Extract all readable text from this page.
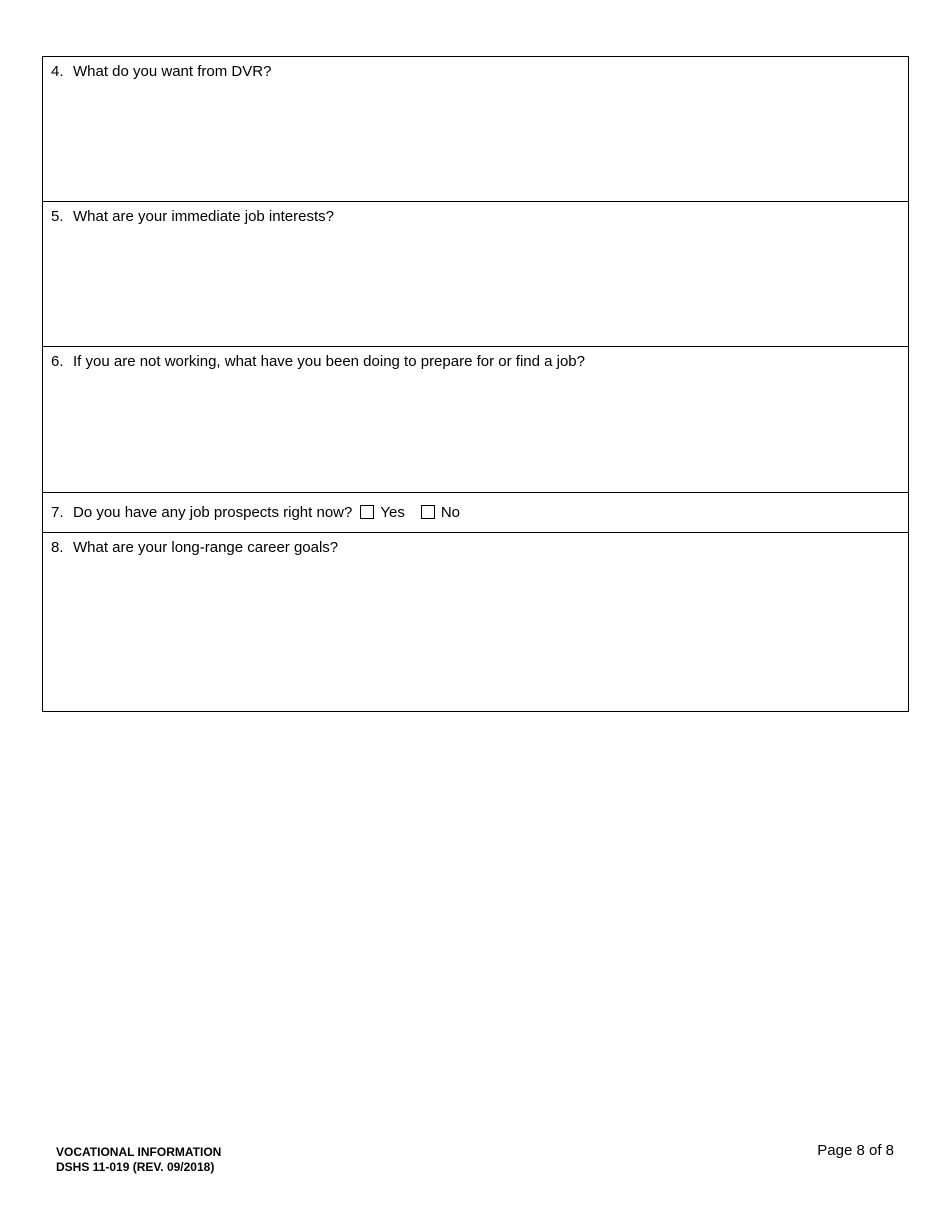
4. What do you want from DVR?
5. What are your immediate job interests?
6. If you are not working, what have you been doing to prepare for or find a job?
7. Do you have any job prospects right now? Yes No
8. What are your long-range career goals?
VOCATIONAL INFORMATION
DSHS 11-019 (REV. 09/2018)
Page 8 of 8
